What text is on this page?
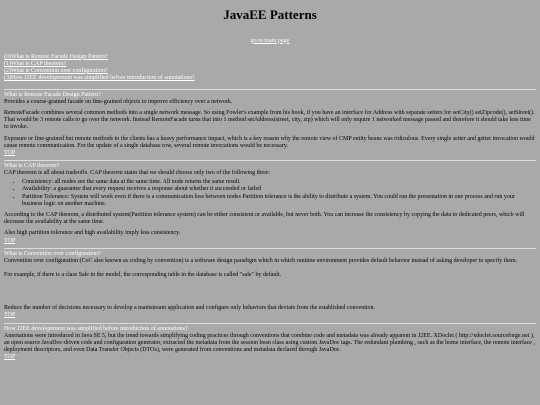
JavaEE Patterns
go to main page
(0)What is Remote Facade Design Pattern?
(1)What is CAP theorem?
(2)What is Convention over configuration?
(3)How J2EE developement was simplified before introduction of annotations?
What is Remote Facade Design Pattern?

Provides a course-grained facade on fine-grained objects to improve efficiency over a network.

RemoteFacade combines several common methods into a single network message. So using Fowler's example from his book, if you have an interface for Address with separate setters for setCity() setZipcode(), setStreet(). That would be 3 remote calls to go over the network. Instead RemoteFacade turns that into 1 method setAddress(street, city, zip) which will only require 1 networked message passed and therefore it should take less time to invoke.

Exposure or fine-grained but remote methods to the clients has a heavy performance impact, which is a key reason why the remote view of CMP entity beans was ridiculous. Every single setter and getter invocation would cause remote communication. For the update of a single database row, several remote invocations would be necessary.

TOP
What is CAP theorem?

CAP theorem is all about tradeoffs. CAP theorem states that we should choose only two of the following three:

• Consistency: all nodes see the same data at the same time. All node returns the same result.
• Availability: a guarantee that every request receives a response about whether it succeeded or failed
• Partition Tolerance: System will work even if there is a communication loss between nodes Partition tolerance is the ability to distribute a system. You could run the presentation in one process and run your business logic on another machine.

According to the CAP theorem, a distributed system(Partition tolerance system) can be either consistent or available, but never both. You can increase the consistency by copying the data to dedicated peers, which will decrease the availability at the same time.

Also high partition tolerance and high availability imply less consistency.

TOP
What is Convention over configuration?

Convention over configuration (CoC also known as coding by convention) is a software design paradigm which in which runtime environment provides default behavior instead of asking developer to specify them.

For example, if there is a class Sale in the model, the corresponding table in the database is called "sale" by default.

Reduce the number of decisions necessary to develop a mainstream application and configure only behaviors that deviate from the established convention.

TOP
How J2EE developement was simplified before introduction of annotations?

Annotations were introduced in Java SE 5, but the trend towards simplifying coding practices through conventions that combine code and metadata was already apparent in J2EE. XDoclet ( http://xdoclet.sourceforge.net ), an open source JavaDoc-driven code and configuration generator, extracted the metadata from the session bean class using custom JavaDoc tags. The redundant plumbing , such as the home interface, the remote interface , deployment descriptors, and even Data Transfer Objects (DTOs), were generated from conventions and metadata declared through JavaDoc.

TOP
